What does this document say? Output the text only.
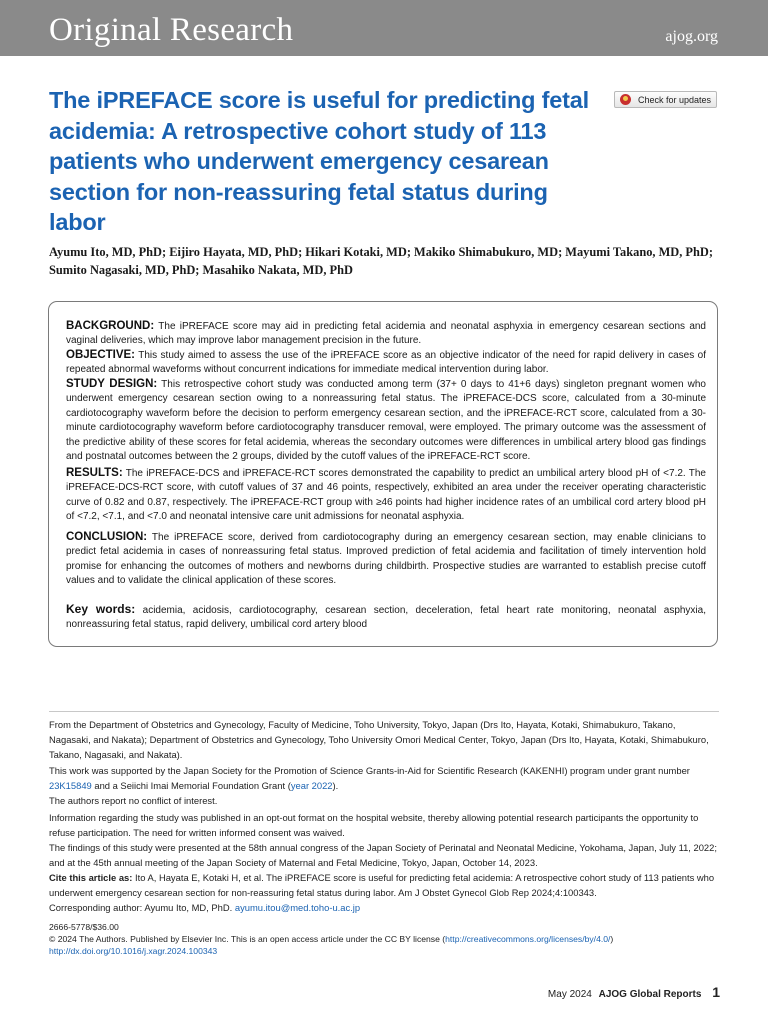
Original Research	ajog.org
Check for updates
The iPREFACE score is useful for predicting fetal acidemia: A retrospective cohort study of 113 patients who underwent emergency cesarean section for non-reassuring fetal status during labor

Ayumu Ito, MD, PhD; Eijiro Hayata, MD, PhD; Hikari Kotaki, MD; Makiko Shimabukuro, MD; Mayumi Takano, MD, PhD; Sumito Nagasaki, MD, PhD; Masahiko Nakata, MD, PhD

BACKGROUND: The iPREFACE score may aid in predicting fetal acidemia and neonatal asphyxia in emergency cesarean sections and vaginal deliveries, which may improve labor management precision in the future.

OBJECTIVE: This study aimed to assess the use of the iPREFACE score as an objective indicator of the need for rapid delivery in cases of repeated abnormal waveforms without concurrent indications for immediate medical intervention during labor.

STUDY DESIGN: This retrospective cohort study was conducted among term (37+ 0 days to 41+6 days) singleton pregnant women who underwent emergency cesarean section owing to a nonreassuring fetal status. The iPREFACE-DCS score, calculated from a 30-minute cardiotocography waveform before the decision to perform emergency cesarean section, and the iPREFACE-RCT score, calculated from a 30-minute cardiotocography waveform before cardiotocography transducer removal, were employed. The primary outcome was the assessment of the predictive ability of these scores for fetal acidemia, whereas the secondary outcomes were differences in umbilical artery blood gas findings and postnatal outcomes between the 2 groups, divided by the cutoff values of the iPREFACE-RCT score.

RESULTS: The iPREFACE-DCS and iPREFACE-RCT scores demonstrated the capability to predict an umbilical artery blood pH of <7.2. The iPREFACE-DCS-RCT score, with cutoff values of 37 and 46 points, respectively, exhibited an area under the receiver operating characteristic curve of 0.82 and 0.87, respectively. The iPREFACE-RCT group with ≥46 points had higher incidence rates of an umbilical cord artery blood pH of <7.2, <7.1, and <7.0 and neonatal intensive care unit admissions for neonatal asphyxia.

CONCLUSION: The iPREFACE score, derived from cardiotocography during an emergency cesarean section, may enable clinicians to predict fetal acidemia in cases of nonreassuring fetal status. Improved prediction of fetal acidemia and facilitation of timely intervention hold promise for enhancing the outcomes of mothers and newborns during childbirth. Prospective studies are warranted to establish precise cutoff values and to validate the clinical application of these scores.

Key words: acidemia, acidosis, cardiotocography, cesarean section, deceleration, fetal heart rate monitoring, neonatal asphyxia, nonreassuring fetal status, rapid delivery, umbilical cord artery blood

From the Department of Obstetrics and Gynecology, Faculty of Medicine, Toho University, Tokyo, Japan (Drs Ito, Hayata, Kotaki, Shimabukuro, Takano, Nagasaki, and Nakata); Department of Obstetrics and Gynecology, Toho University Omori Medical Center, Tokyo, Japan (Drs Ito, Hayata, Kotaki, Shimabukuro, Takano, Nagasaki, and Nakata).

This work was supported by the Japan Society for the Promotion of Science Grants-in-Aid for Scientific Research (KAKENHI) program under grant number 23K15849 and a Seiichi Imai Memorial Foundation Grant (year 2022).

The authors report no conflict of interest.

Information regarding the study was published in an opt-out format on the hospital website, thereby allowing potential research participants the opportunity to refuse participation. The need for written informed consent was waived.

The findings of this study were presented at the 58th annual congress of the Japan Society of Perinatal and Neonatal Medicine, Yokohama, Japan, July 11, 2022; and at the 45th annual meeting of the Japan Society of Maternal and Fetal Medicine, Tokyo, Japan, October 14, 2023.

Cite this article as: Ito A, Hayata E, Kotaki H, et al. The iPREFACE score is useful for predicting fetal acidemia: A retrospective cohort study of 113 patients who underwent emergency cesarean section for non-reassuring fetal status during labor. Am J Obstet Gynecol Glob Rep 2024;4:100343.

Corresponding author: Ayumu Ito, MD, PhD. ayumu.itou@med.toho-u.ac.jp

2666-5778/$36.00

© 2024 The Authors. Published by Elsevier Inc. This is an open access article under the CC BY license (http://creativecommons.org/licenses/by/4.0/)

http://dx.doi.org/10.1016/j.xagr.2024.100343

May 2024 AJOG Global Reports 1
